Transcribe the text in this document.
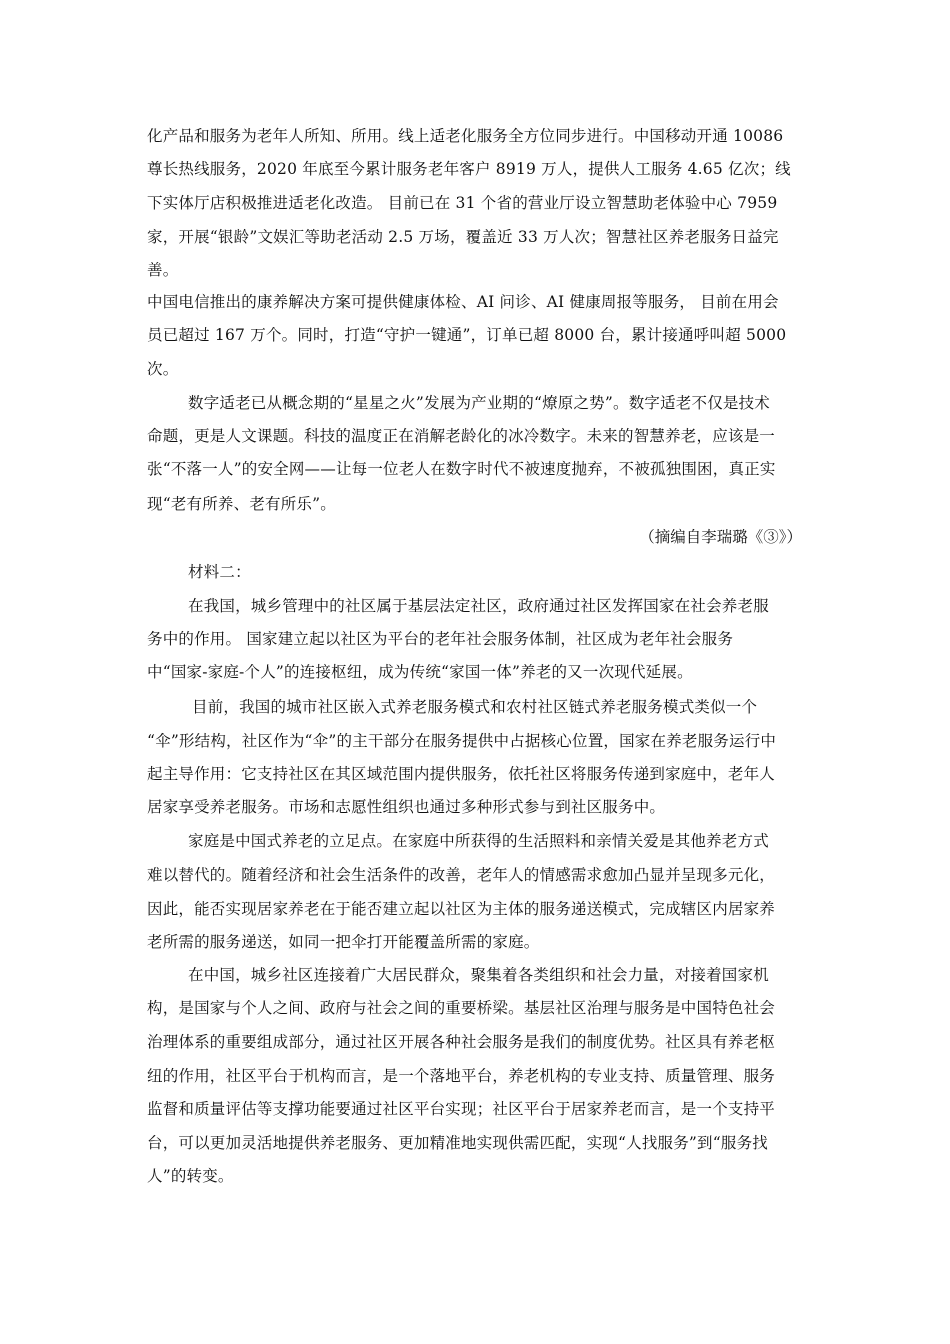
化产品和服务为老年人所知、所用。线上适老化服务全方位同步进行。中国移动开通 10086
尊长热线服务，2020 年底至今累计服务老年客户 8919 万人，提供人工服务 4.65 亿次；线
下实体厅店积极推进适老化改造。 目前已在 31 个省的营业厅设立智慧助老体验中心 7959
家，开展“银龄”文娱汇等助老活动 2.5 万场，覆盖近 33 万人次；智慧社区养老服务日益完
善。
中国电信推出的康养解决方案可提供健康体检、AI 问诊、AI 健康周报等服务， 目前在用会
员已超过 167 万个。同时，打造“守护一键通”，订单已超 8000 台，累计接通呼叫超 5000
次。
数字适老已从概念期的“星星之火”发展为产业期的“燎原之势”。数字适老不仅是技术
命题，更是人文课题。科技的温度正在消解老龄化的冰冷数字。未来的智慧养老，应该是一
张“不落一人”的安全网——让每一位老人在数字时代不被速度抛弃，不被孤独围困，真正实
现“老有所养、老有所乐”。
（摘编自李瑞璐《③》）
材料二：
在我国，城乡管理中的社区属于基层法定社区，政府通过社区发挥国家在社会养老服
务中的作用。 国家建立起以社区为平台的老年社会服务体制，社区成为老年社会服务
中“国家-家庭-个人”的连接枢纽，成为传统“家国一体”养老的又一次现代延展。
目前，我国的城市社区嵌入式养老服务模式和农村社区链式养老服务模式类似一个
“伞”形结构，社区作为“伞”的主干部分在服务提供中占据核心位置，国家在养老服务运行中
起主导作用：它支持社区在其区域范围内提供服务，依托社区将服务传递到家庭中，老年人
居家享受养老服务。市场和志愿性组织也通过多种形式参与到社区服务中。
家庭是中国式养老的立足点。在家庭中所获得的生活照料和亲情关爱是其他养老方式
难以替代的。随着经济和社会生活条件的改善，老年人的情感需求愈加凸显并呈现多元化，
因此，能否实现居家养老在于能否建立起以社区为主体的服务递送模式，完成辖区内居家养
老所需的服务递送，如同一把伞打开能覆盖所需的家庭。
在中国，城乡社区连接着广大居民群众，聚集着各类组织和社会力量，对接着国家机
构，是国家与个人之间、政府与社会之间的重要桥梁。基层社区治理与服务是中国特色社会
治理体系的重要组成部分，通过社区开展各种社会服务是我们的制度优势。社区具有养老枢
纽的作用，社区平台于机构而言，是一个落地平台，养老机构的专业支持、质量管理、服务
监督和质量评估等支撑功能要通过社区平台实现；社区平台于居家养老而言，是一个支持平
台，可以更加灵活地提供养老服务、更加精准地实现供需匹配，实现“人找服务”到“服务找
人”的转变。
